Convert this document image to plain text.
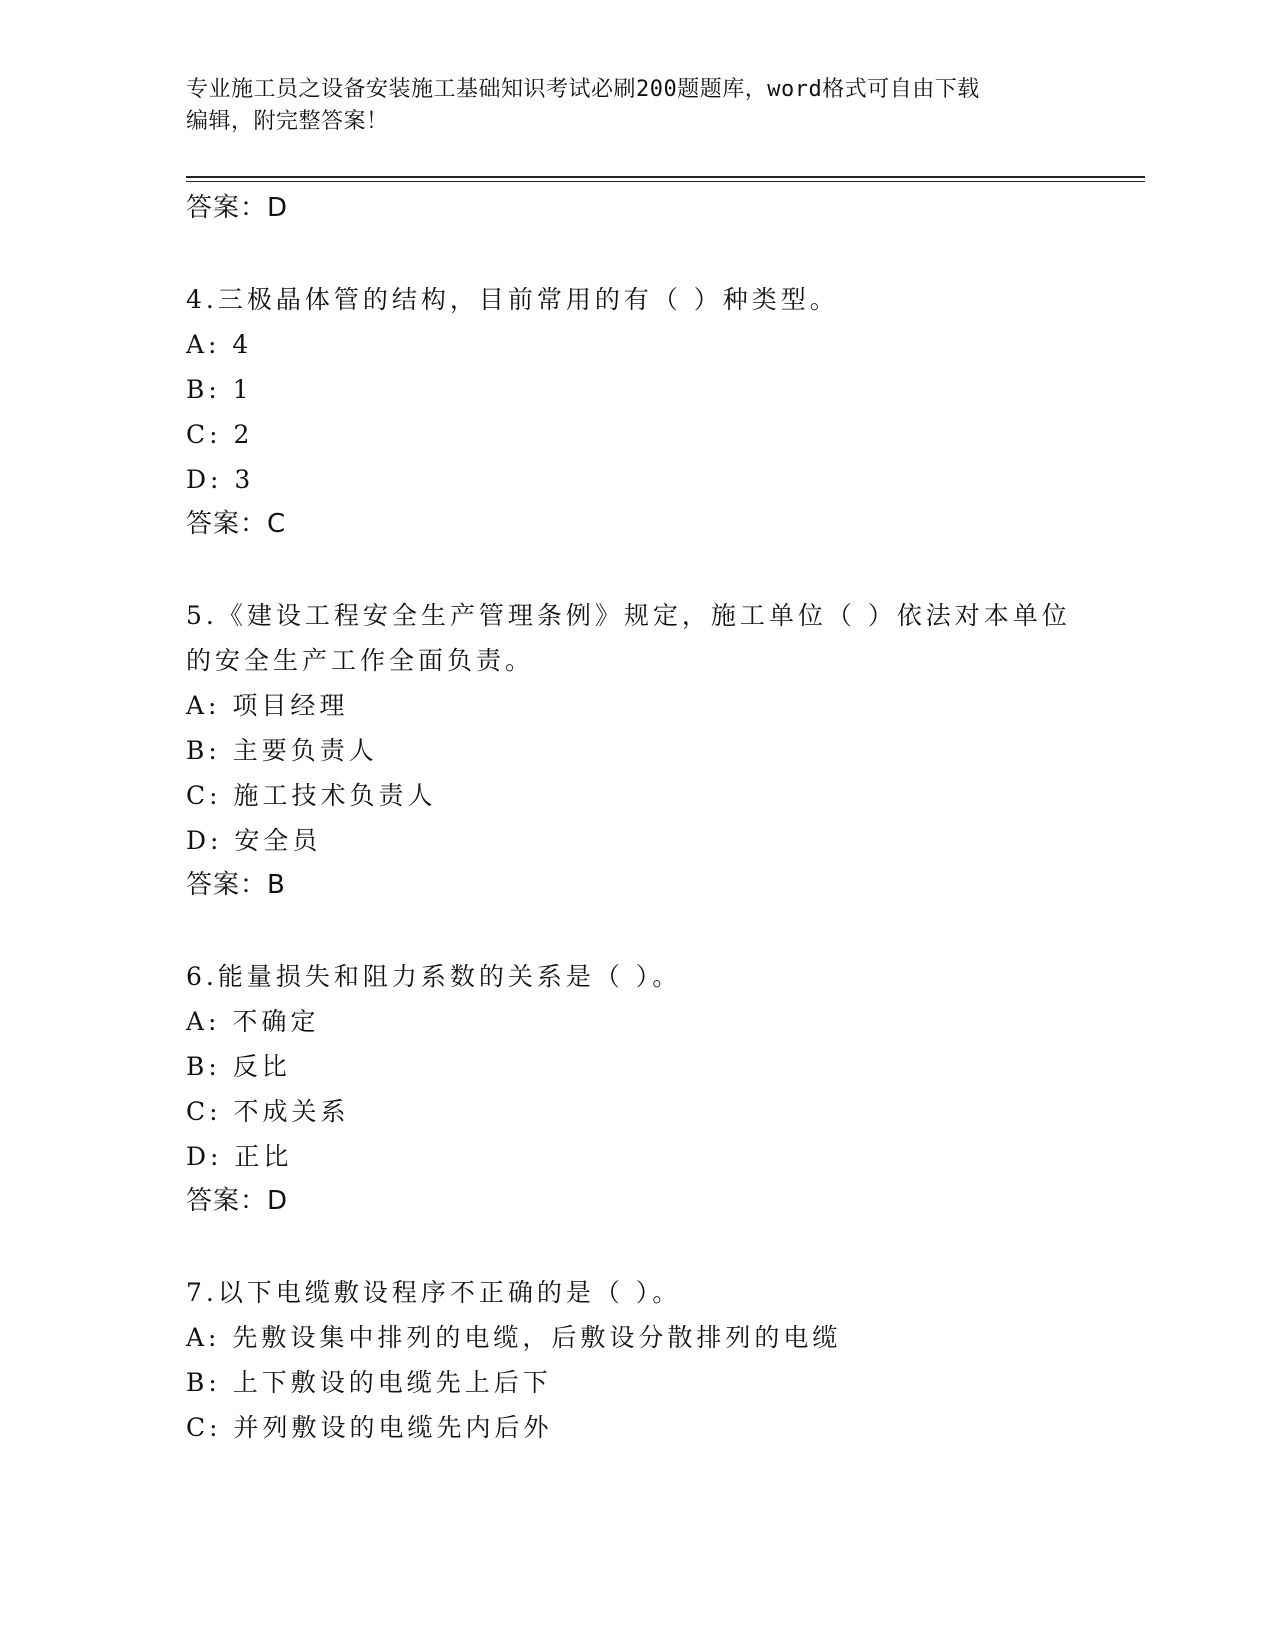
专业施工员之设备安装施工基础知识考试必刷200题题库，word格式可自由下载
编辑，附完整答案！
答案：D
4.三极晶体管的结构，目前常用的有（ ）种类型。
A: 4
B: 1
C: 2
D: 3
答案：C
5.《建设工程安全生产管理条例》规定，施工单位（ ）依法对本单位
的安全生产工作全面负责。
A: 项目经理
B: 主要负责人
C: 施工技术负责人
D: 安全员
答案：B
6.能量损失和阻力系数的关系是（ ）。
A: 不确定
B: 反比
C: 不成关系
D: 正比
答案：D
7.以下电缆敷设程序不正确的是（ ）。
A: 先敷设集中排列的电缆，后敷设分散排列的电缆
B: 上下敷设的电缆先上后下
C: 并列敷设的电缆先内后外
